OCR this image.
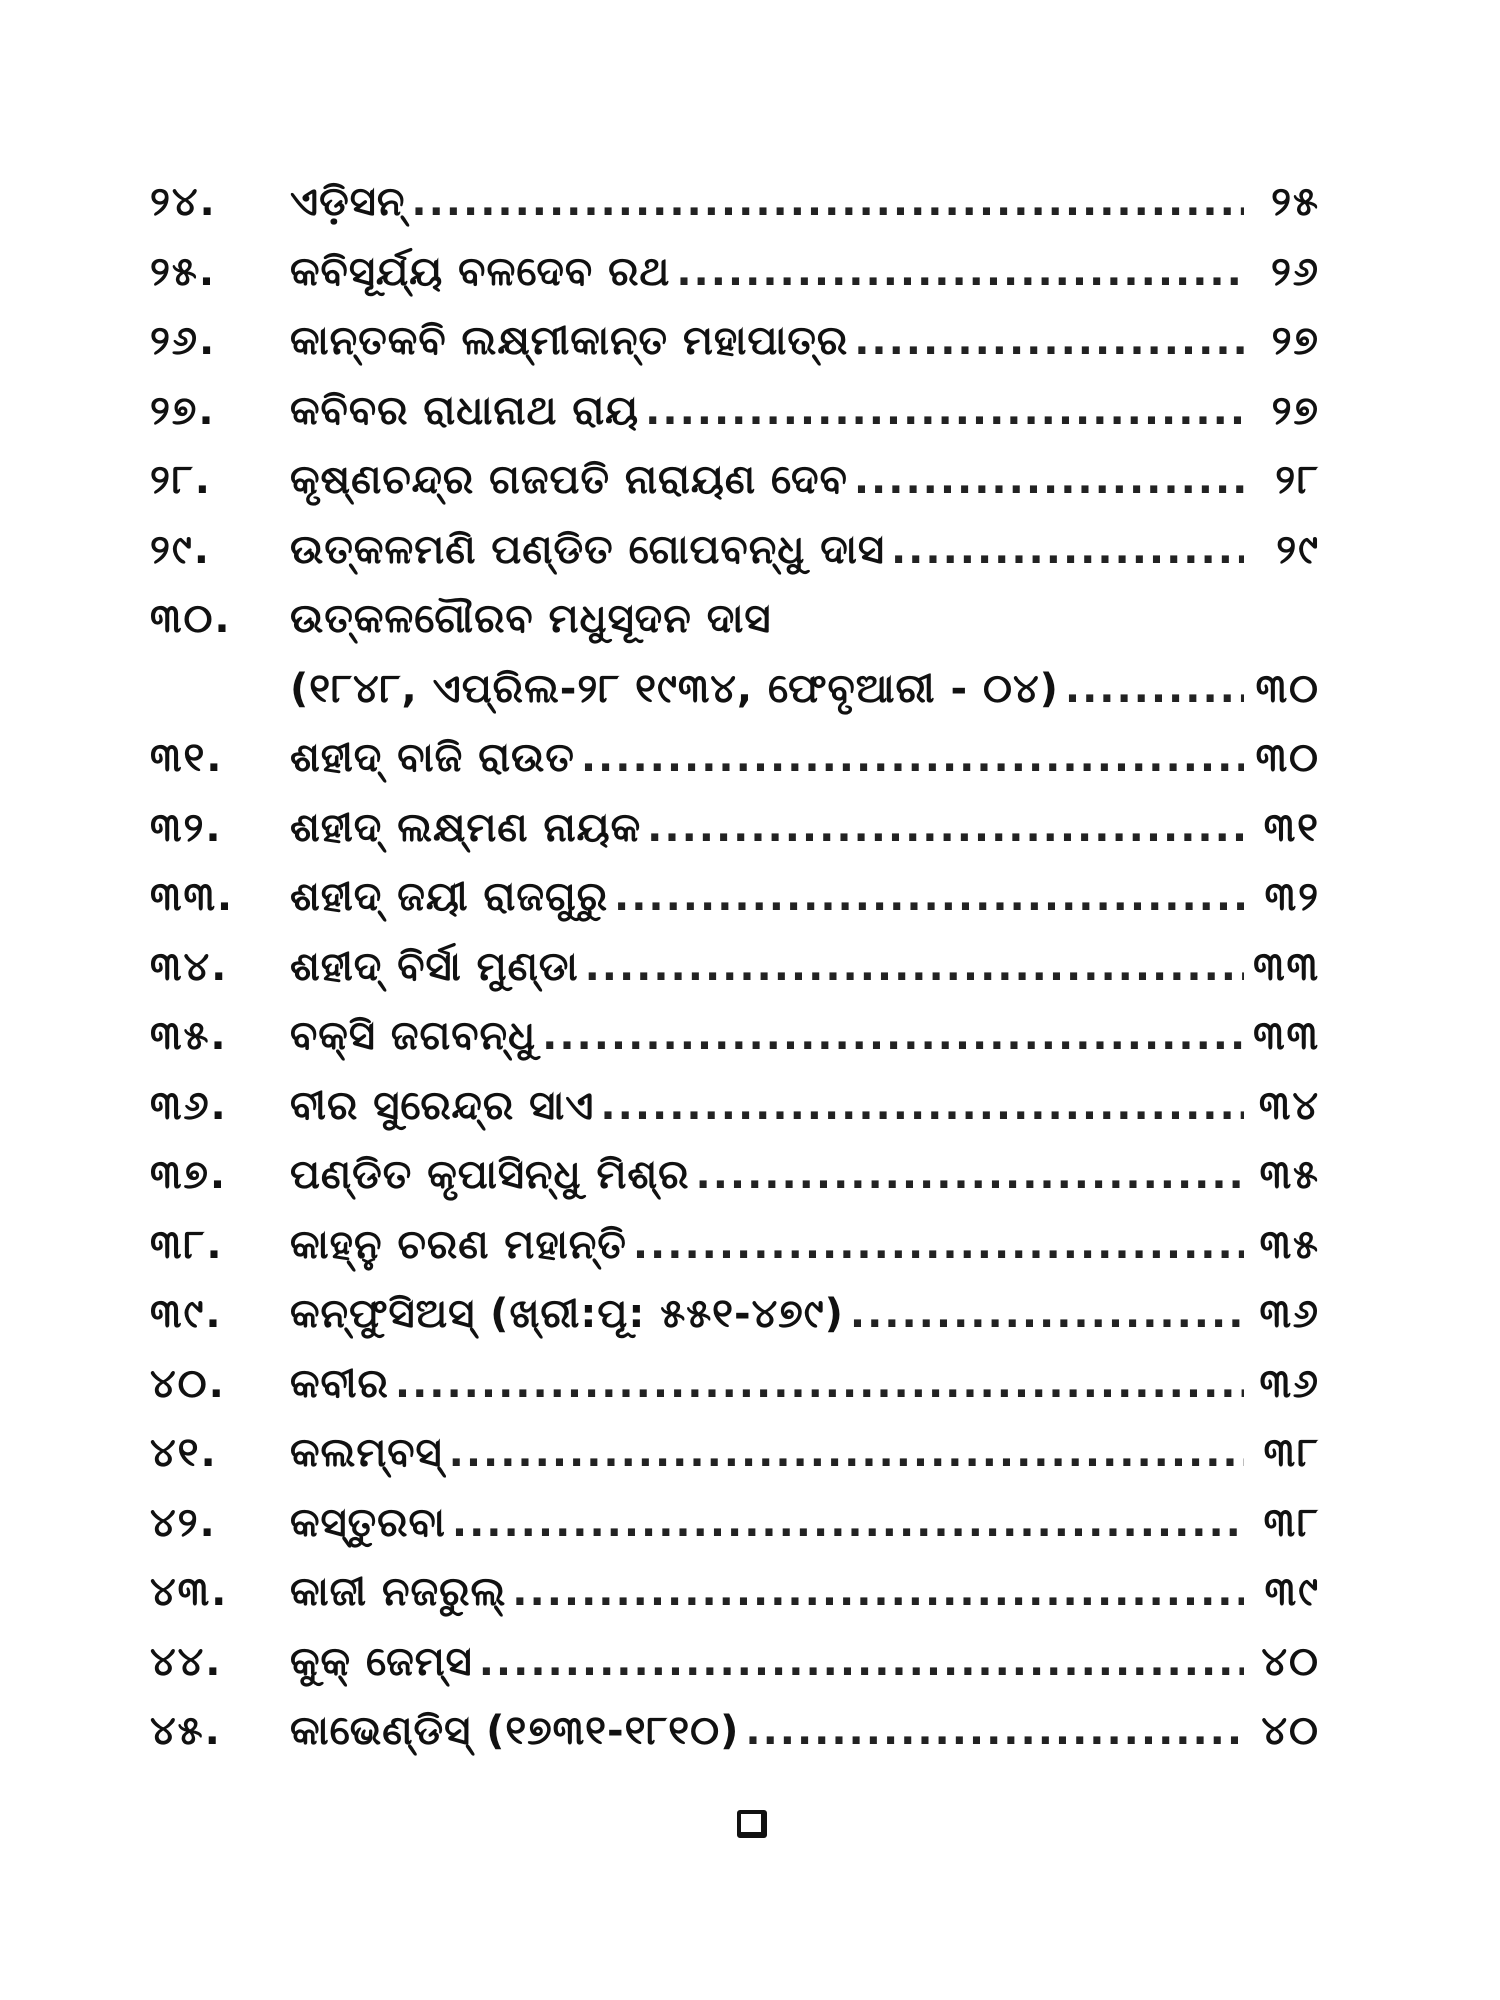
୨୪.	ଏଡ଼ିସନ୍ .....	୨୫
୨୫.	କବିସୂର୍ଯ୍ୟ ବଳଦେବ ରଥ .....	୨୬
୨୬.	କାନ୍ତକବି ଲକ୍ଷ୍ମୀକାନ୍ତ ମହାପାତ୍ର .....	୨୭
୨୭.	କବିବର ରାଧାନାଥ ରାୟ .....	୨୭
୨୮.	କୃଷ୍ଣଚନ୍ଦ୍ର ଗଜପତି ନାରାୟଣ ଦେବ .....	୨୮
୨୯.	ଉତ୍କଳମଣି ପଣ୍ଡିତ ଗୋପବନ୍ଧୁ ଦାସ .....	୨୯
୩୦.	ଉତ୍କଳଗୌରବ ମଧୁସୂଦନ ଦାସ
(୧୮୪୮, ଏପ୍ରିଲ-୨୮ ୧୯୩୪, ଫେବୃଆରୀ - ୦୪) .....	୩୦
୩୧.	ଶହୀଦ୍ ବାଜି ରାଉତ .....	୩୦
୩୨.	ଶହୀଦ୍ ଲକ୍ଷ୍ମଣ ନାୟକ .....	୩୧
୩୩.	ଶହୀଦ୍ ଜୟୀ ରାଜଗୁରୁ .....	୩୨
୩୪.	ଶହୀଦ୍ ବିର୍ସା ମୁଣ୍ଡା .....	୩୩
୩୫.	ବକ୍ସି ଜଗବନ୍ଧୁ .....	୩୩
୩୬.	ବୀର ସୁରେନ୍ଦ୍ର ସାଏ .....	୩୪
୩୭.	ପଣ୍ଡିତ କୃପାସିନ୍ଧୁ ମିଶ୍ର .....	୩୫
୩୮.	କାହ୍ନୁ ଚରଣ ମହାନ୍ତି .....	୩୫
୩୯.	କନ୍‌ଫୁସିଅସ୍ (ଖ୍ରୀ:ପୂ: ୫୫୧-୪୭୯) .....	୩୬
୪୦.	କବୀର .....	୩୬
୪୧.	କଲମ୍ବସ୍ .....	୩୮
୪୨.	କସ୍ତୁରବା .....	୩୮
୪୩.	କାଜୀ ନଜରୁଲ୍ .....	୩୯
୪୪.	କୁକ୍ ଜେମ୍ସ .....	୪୦
୪୫.	କାଭେଣ୍ଡିସ୍ (୧୭୩୧-୧୮୧୦) .....	୪୦
